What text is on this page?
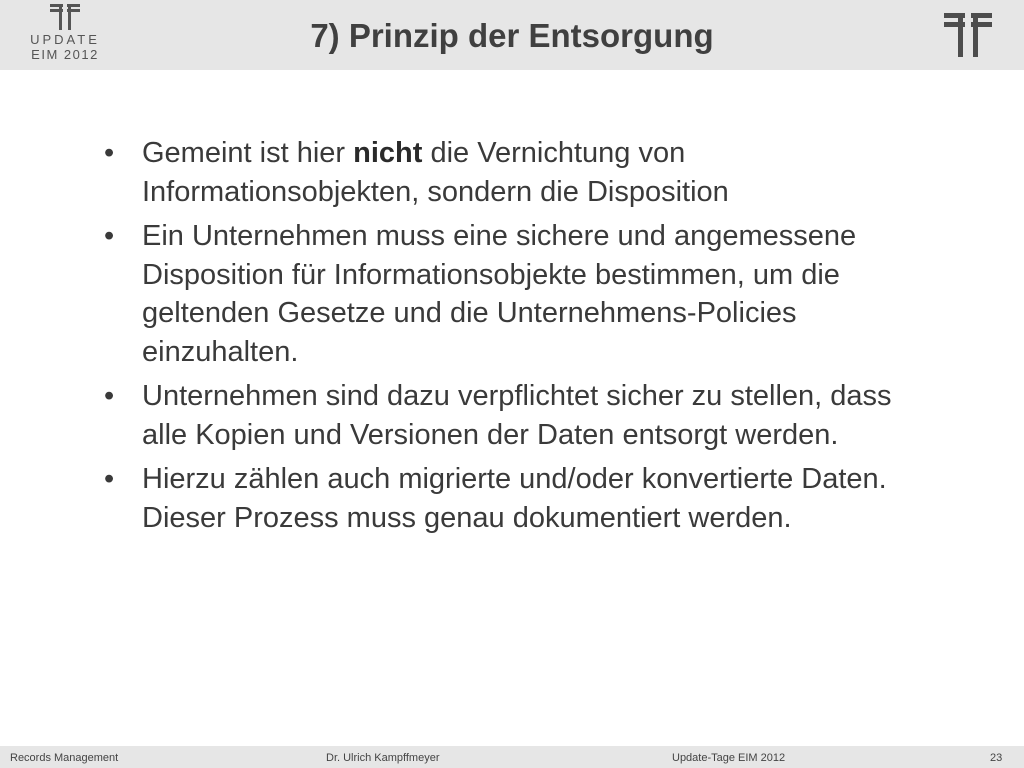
UPDATE
EIM 2012
7) Prinzip der Entsorgung
• Gemeint ist hier nicht die Vernichtung von Informationsobjekten, sondern die Disposition
• Ein Unternehmen muss eine sichere und angemessene Disposition für Informationsobjekte bestimmen, um die geltenden Gesetze und die Unternehmens-Policies einzuhalten.
• Unternehmen sind dazu verpflichtet sicher zu stellen, dass alle Kopien und Versionen der Daten entsorgt werden.
• Hierzu zählen auch migrierte und/oder konvertierte Daten. Dieser Prozess muss genau dokumentiert werden.
Records Management	Dr. Ulrich Kampffmeyer	Update-Tage EIM 2012	23
